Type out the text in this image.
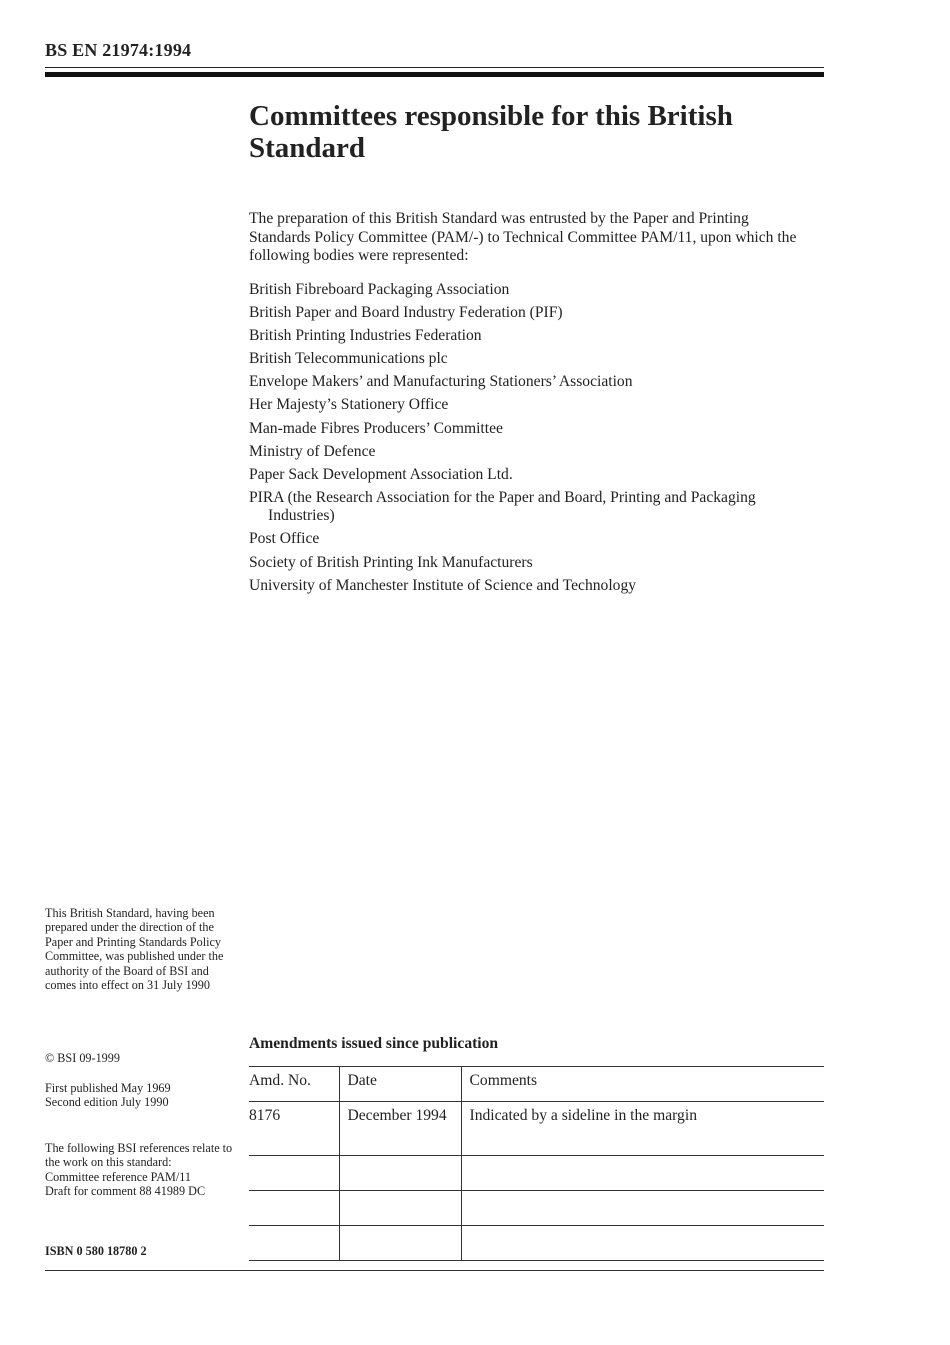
BS EN 21974:1994
Committees responsible for this British Standard

The preparation of this British Standard was entrusted by the Paper and Printing Standards Policy Committee (PAM/-) to Technical Committee PAM/11, upon which the following bodies were represented:

British Fibreboard Packaging Association
British Paper and Board Industry Federation (PIF)
British Printing Industries Federation
British Telecommunications plc
Envelope Makers’ and Manufacturing Stationers’ Association
Her Majesty’s Stationery Office
Man-made Fibres Producers’ Committee
Ministry of Defence
Paper Sack Development Association Ltd.
PIRA (the Research Association for the Paper and Board, Printing and Packaging Industries)
Post Office
Society of British Printing Ink Manufacturers
University of Manchester Institute of Science and Technology

This British Standard, having been prepared under the direction of the Paper and Printing Standards Policy Committee, was published under the authority of the Board of BSI and comes into effect on 31 July 1990

© BSI 09-1999

First published May 1969
Second edition July 1990
The following BSI references relate to the work on this standard:
Committee reference PAM/11
Draft for comment 88 41989 DC

ISBN 0 580 18780 2

Amendments issued since publication
Amd. No.	Date	Comments
8176	December 1994	Indicated by a sideline in the margin
